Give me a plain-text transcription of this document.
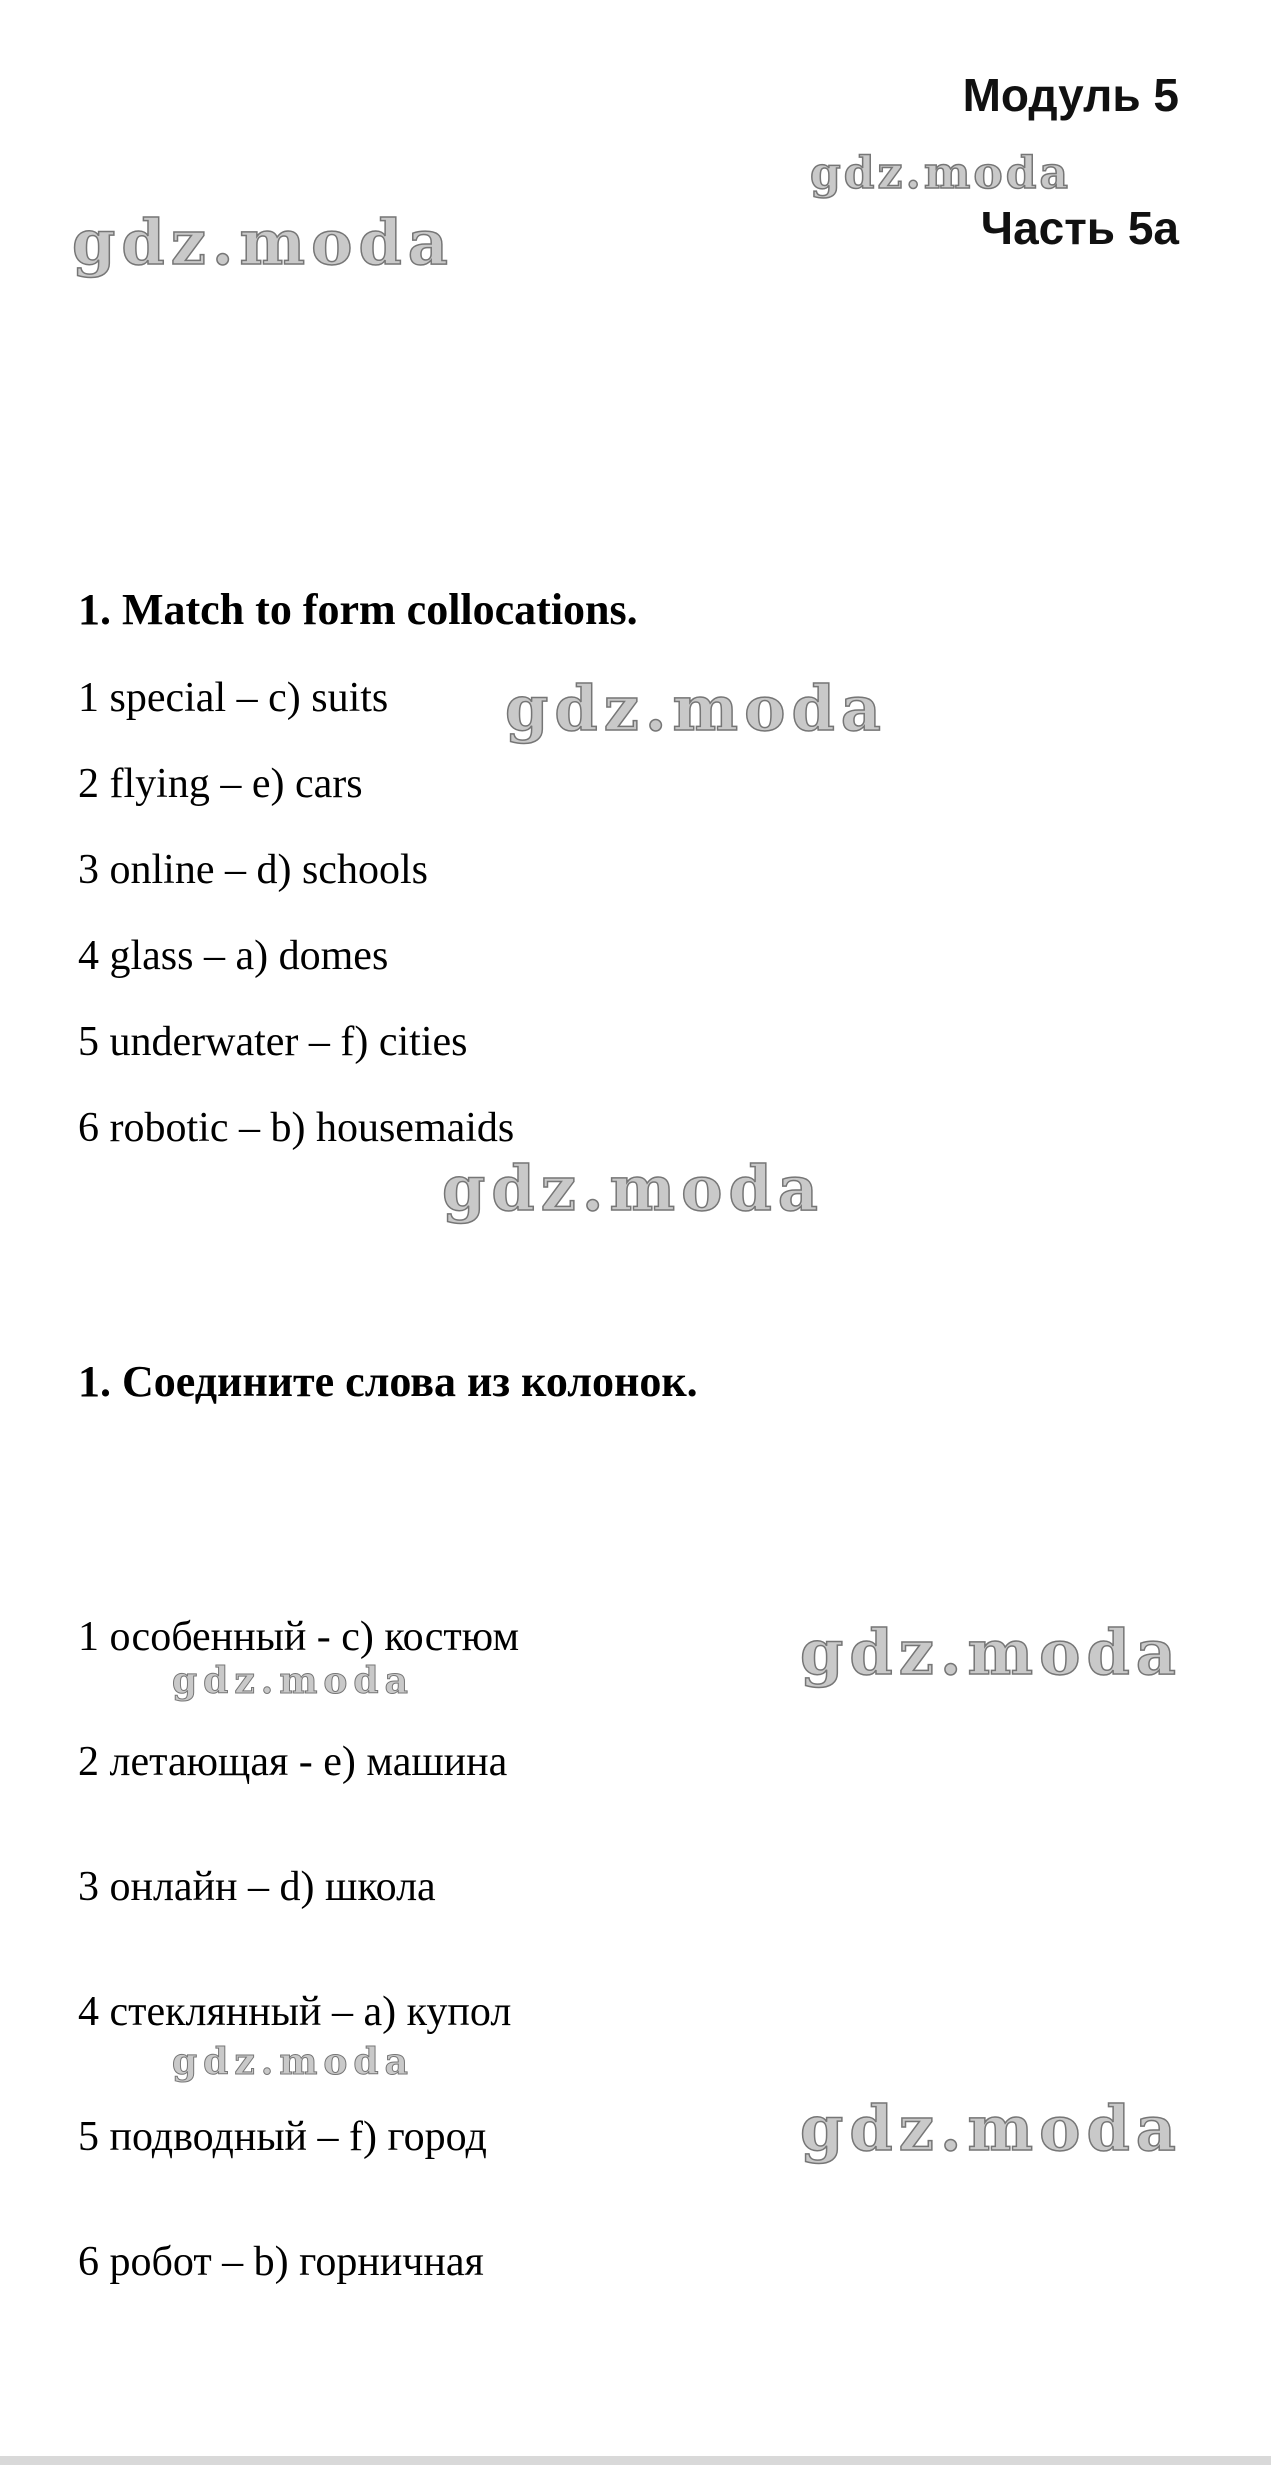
Модуль 5
gdz.moda
Часть 5a
gdz.moda
1. Match to form collocations.
1 special – c) suits
2 flying – e) cars
3 online – d) schools
4 glass – a) domes
5 underwater – f) cities
6 robotic – b) housemaids
gdz.moda
gdz.moda
1. Соедините слова из колонок.
1 особенный - c) костюм
2 летающая - e) машина
3 онлайн – d) школа
4 стеклянный – a) купол
5 подводный – f) город
6 робот – b) горничная
gdz.moda
gdz.moda
gdz.moda
gdz.moda
